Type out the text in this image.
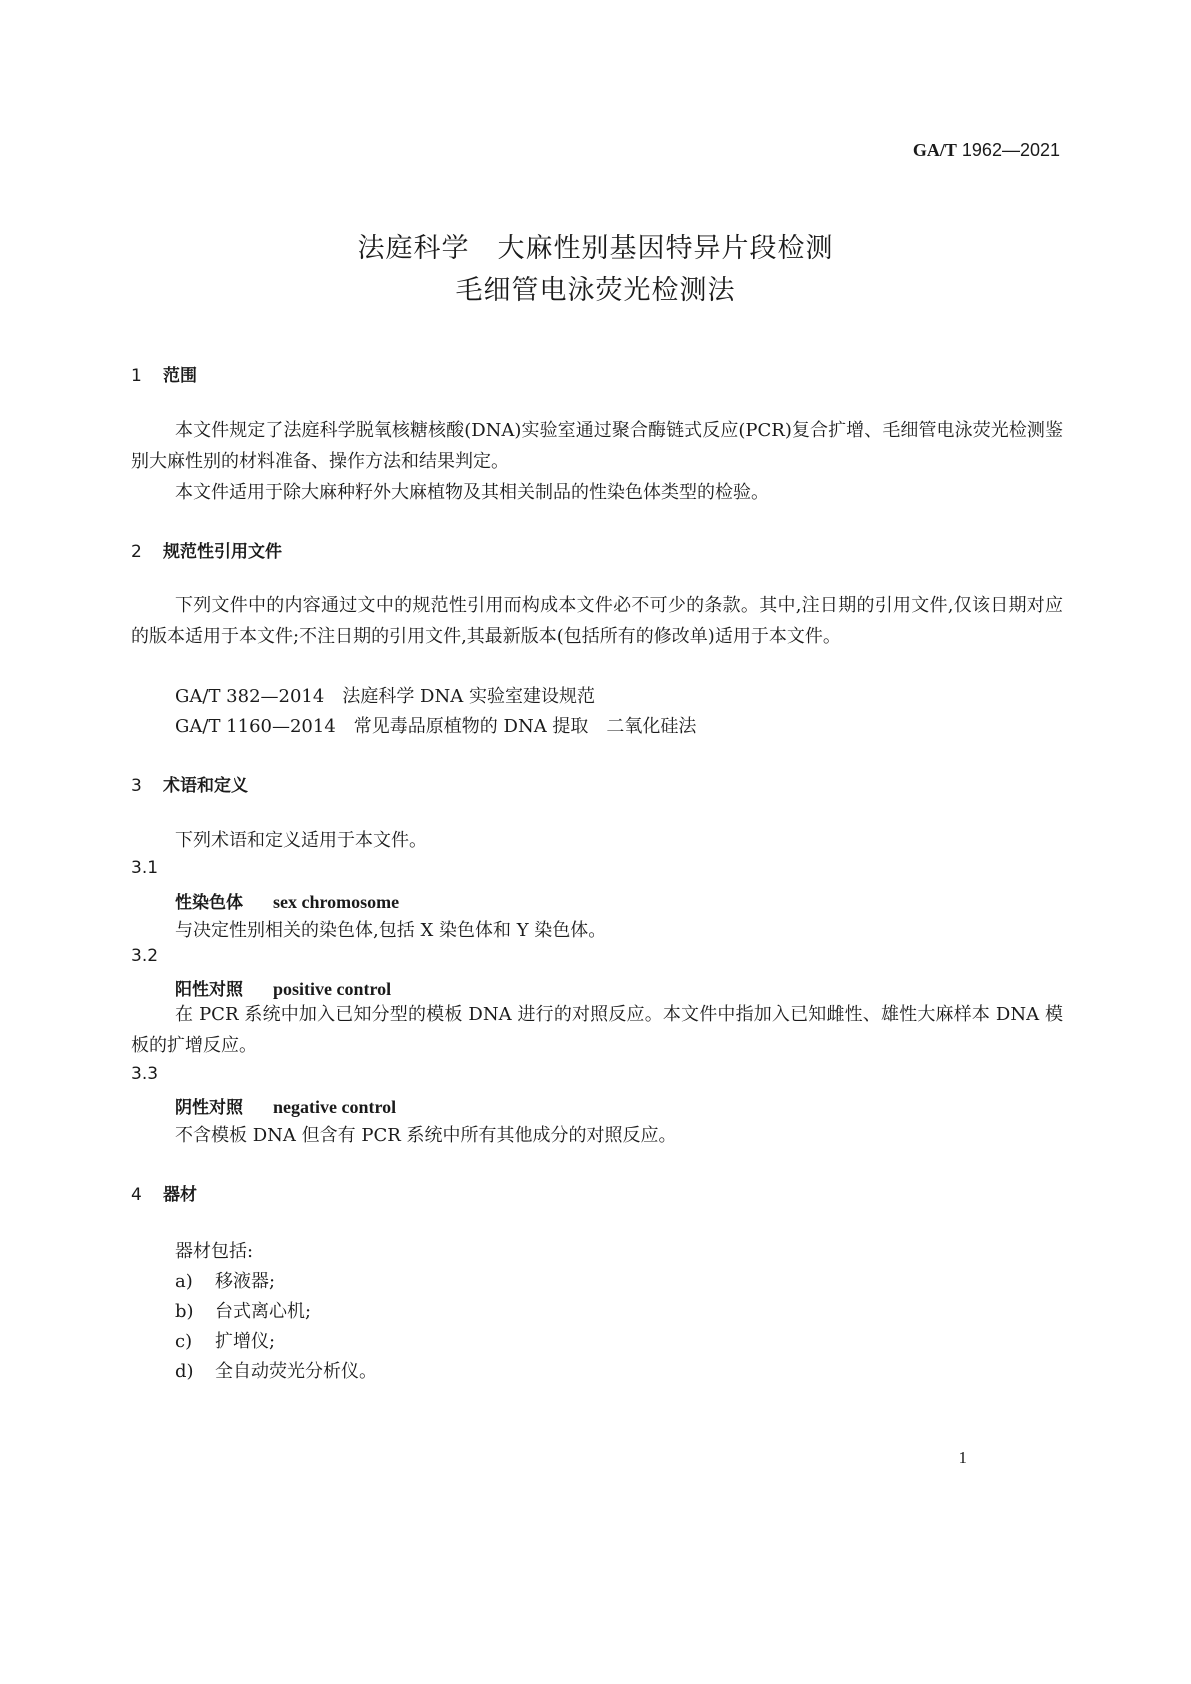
GA/T 1962—2021
法庭科学　大麻性别基因特异片段检测
毛细管电泳荧光检测法
1 范围
本文件规定了法庭科学脱氧核糖核酸(DNA)实验室通过聚合酶链式反应(PCR)复合扩增、毛细管电泳荧光检测鉴别大麻性别的材料准备、操作方法和结果判定。
本文件适用于除大麻种籽外大麻植物及其相关制品的性染色体类型的检验。
2 规范性引用文件
下列文件中的内容通过文中的规范性引用而构成本文件必不可少的条款。其中,注日期的引用文件,仅该日期对应的版本适用于本文件;不注日期的引用文件,其最新版本(包括所有的修改单)适用于本文件。
GA/T 382—2014　法庭科学 DNA 实验室建设规范
GA/T 1160—2014　常见毒品原植物的 DNA 提取　二氧化硅法
3 术语和定义
下列术语和定义适用于本文件。
3.1
性染色体 sex chromosome
与决定性别相关的染色体,包括 X 染色体和 Y 染色体。
3.2
阳性对照 positive control
在 PCR 系统中加入已知分型的模板 DNA 进行的对照反应。本文件中指加入已知雌性、雄性大麻样本 DNA 模板的扩增反应。
3.3
阴性对照 negative control
不含模板 DNA 但含有 PCR 系统中所有其他成分的对照反应。
4 器材
器材包括:
a) 移液器;
b) 台式离心机;
c) 扩增仪;
d) 全自动荧光分析仪。
1
